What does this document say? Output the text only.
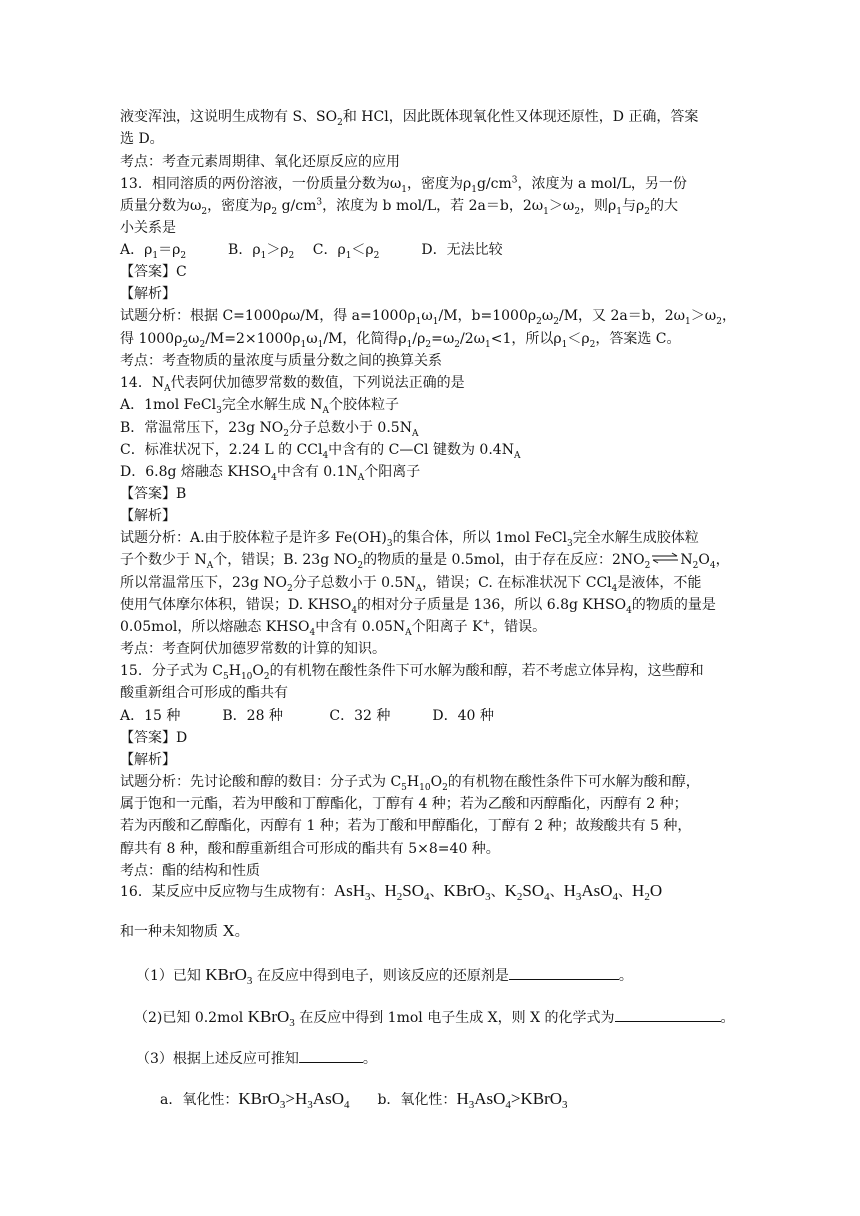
液变浑浊，这说明生成物有 S、$SO_2$和 HCl，因此既体现氧化性又体现还原性，D 正确，答案
选 D。
考点：考查元素周期律、氧化还原反应的应用
13．相同溶质的两份溶液，一份质量分数为$\omega_1$，密度为$\rho_1g/cm^3$，浓度为 a mol/L，另一份
质量分数为$\omega_2$，密度为$\rho_2$ $g/cm^3$，浓度为 b mol/L，若 2a＝b，$2\omega_1>\omega_2$，则$\rho_1$与$\rho_2$的大
小关系是
A．$\rho_1=\rho_2$　　　B．$\rho_1>\rho_2$　 C．$\rho_1<\rho_2$　　　D．无法比较
【答案】C
【解析】
试题分析：根据 C=1000ρω/M，得 $a=1000\rho_1\omega_1/M$，$b=1000\rho_2\omega_2/M$，又 2a＝b，$2\omega_1>\omega_2$，
得 $1000\rho_2\omega_2/M=2\times 1000\rho_1\omega_1/M$，化简得$\rho_1/\rho_2=\omega_2/2\omega_1<1$，所以$\rho_1<\rho_2$，答案选 C。
考点：考查物质的量浓度与质量分数之间的换算关系
14．$N_A$代表阿伏加德罗常数的数值，下列说法正确的是
A．1mol FeCl$_3$完全水解生成 $N_A$个胶体粒子
B．常温常压下，23g $NO_2$分子总数小于 $0.5N_A$
C．标准状况下，2.24 L 的 CCl$_4$中含有的 C—Cl 键数为 $0.4N_A$
D．6.8g 熔融态 $KHSO_4$中含有 $0.1N_A$个阳离子
【答案】B
【解析】
试题分析：A.由于胶体粒子是许多 $Fe(OH)_3$的集合体，所以 1mol FeCl$_3$完全水解生成胶体粒
子个数少于 $N_A$个，错误；B. 23g $NO_2$的物质的量是 0.5mol，由于存在反应：$2NO_2\rightleftharpoons N_2O_4$，
所以常温常压下，23g $NO_2$分子总数小于 $0.5N_A$，错误；C. 在标准状况下 CCl$_4$是液体，不能
使用气体摩尔体积，错误；D. $KHSO_4$的相对分子质量是 136，所以 6.8g $KHSO_4$的物质的量是
0.05mol，所以熔融态 $KHSO_4$中含有 $0.05N_A$个阳离子 K+，错误。
考点：考查阿伏加德罗常数的计算的知识。
15．分子式为 $C_5H_{10}O_2$的有机物在酸性条件下可水解为酸和醇，若不考虑立体异构，这些醇和
酸重新组合可形成的酯共有
A．15 种　　　B．28 种　　　 C．32 种　　　D．40 种
【答案】D
【解析】
试题分析：先讨论酸和醇的数目：分子式为 $C_5H_{10}O_2$的有机物在酸性条件下可水解为酸和醇，
属于饱和一元酯，若为甲酸和丁醇酯化，丁醇有 4 种；若为乙酸和丙醇酯化，丙醇有 2 种；
若为丙酸和乙醇酯化，丙醇有 1 种；若为丁酸和甲醇酯化，丁醇有 2 种；故羧酸共有 5 种，
醇共有 8 种，酸和醇重新组合可形成的酯共有 5×8=40 种。
考点：酯的结构和性质
16．某反应中反应物与生成物有：AsH$_3$、$H_2SO_4$、KBrO$_3$、$K_2SO_4$、$H_3AsO_4$、$H_2O$
和一种未知物质 X。
（1）已知 KBrO$_3$ 在反应中得到电子，则该反应的还原剂是	。
（2)已知 0.2mol KBrO$_3$ 在反应中得到 1mol 电子生成 X，则 X 的化学式为	。
（3）根据上述反应可推知	。
a．氧化性：$KBrO_3>H_3AsO_4$　　b．氧化性：$H_3AsO_4>KBrO_3$
